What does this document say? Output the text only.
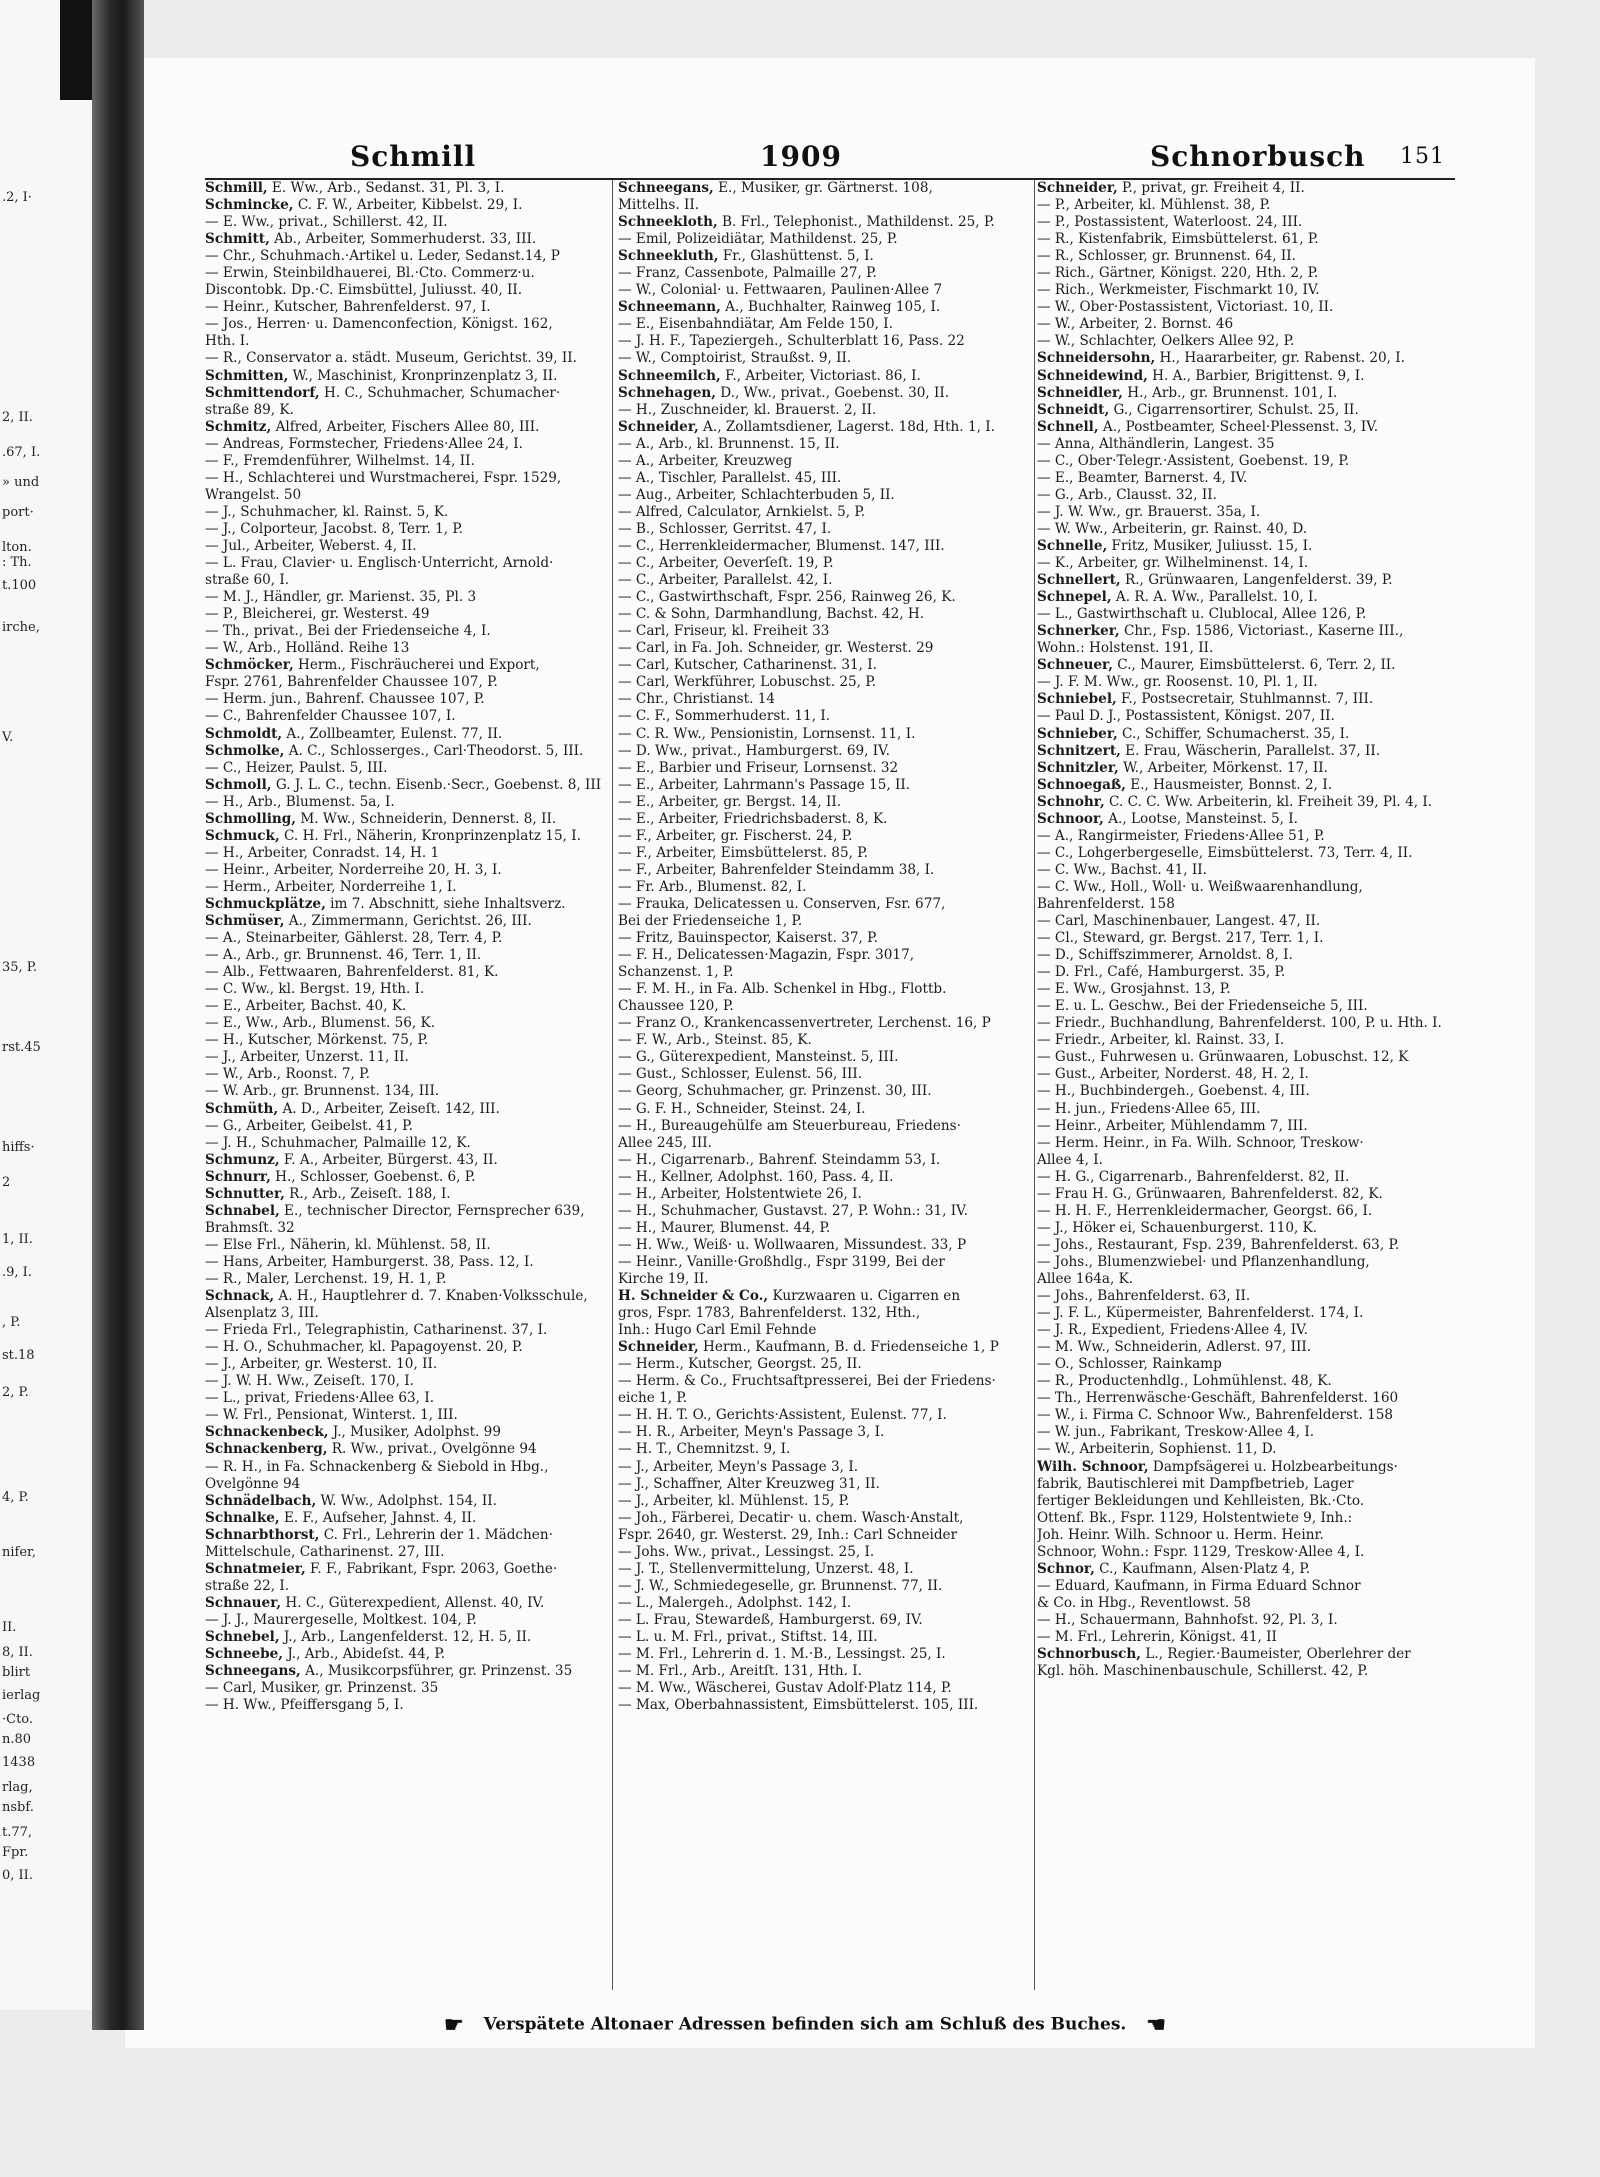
.2, I·
2, II.
.67, I.
» und
port·
lton.
: Th.
t.100
irche,
V.
35, P.
rst.45
hiffs·
2
1, II.
.9, I.
, P.
st.18
2, P.
4, P.
nifer,
II.
8, II.
blirt
ierlag
·Cto.
n.80
1438
rlag,
nsbf.
t.77,
Fpr.
0, II.
Schmill	1909	Schnorbusch 151
Schmill, E. Ww., Arb., Sedanst. 31, Pl. 3, I.
Schmincke, C. F. W., Arbeiter, Kibbelst. 29, I.
— E. Ww., privat., Schillerst. 42, II.
Schmitt, Ab., Arbeiter, Sommerhuderst. 33, III.
— Chr., Schuhmach.·Artikel u. Leder, Sedanst.14, P
— Erwin, Steinbildhauerei, Bl.·Cto. Commerz·u.
Discontobk. Dp.·C. Eimsbüttel, Juliusst. 40, II.
— Heinr., Kutscher, Bahrenfelderst. 97, I.
— Jos., Herren· u. Damenconfection, Königst. 162,
Hth. I.
— R., Conservator a. städt. Museum, Gerichtst. 39, II.
Schmitten, W., Maschinist, Kronprinzenplatz 3, II.
Schmittendorf, H. C., Schuhmacher, Schumacher·
straße 89, K.
Schmitz, Alfred, Arbeiter, Fischers Allee 80, III.
— Andreas, Formstecher, Friedens·Allee 24, I.
— F., Fremdenführer, Wilhelmst. 14, II.
— H., Schlachterei und Wurstmacherei, Fspr. 1529,
Wrangelst. 50
— J., Schuhmacher, kl. Rainst. 5, K.
— J., Colporteur, Jacobst. 8, Terr. 1, P.
— Jul., Arbeiter, Weberst. 4, II.
— L. Frau, Clavier· u. Englisch·Unterricht, Arnold·
straße 60, I.
— M. J., Händler, gr. Marienst. 35, Pl. 3
— P., Bleicherei, gr. Westerst. 49
— Th., privat., Bei der Friedenseiche 4, I.
— W., Arb., Holländ. Reihe 13
Schmöcker, Herm., Fischräucherei und Export,
Fspr. 2761, Bahrenfelder Chaussee 107, P.
— Herm. jun., Bahrenf. Chaussee 107, P.
— C., Bahrenfelder Chaussee 107, I.
Schmoldt, A., Zollbeamter, Eulenst. 77, II.
Schmolke, A. C., Schlosserges., Carl·Theodorst. 5, III.
— C., Heizer, Paulst. 5, III.
Schmoll, G. J. L. C., techn. Eisenb.·Secr., Goebenst. 8, III
— H., Arb., Blumenst. 5a, I.
Schmolling, M. Ww., Schneiderin, Dennerst. 8, II.
Schmuck, C. H. Frl., Näherin, Kronprinzenplatz 15, I.
— H., Arbeiter, Conradst. 14, H. 1
— Heinr., Arbeiter, Norderreihe 20, H. 3, I.
— Herm., Arbeiter, Norderreihe 1, I.
Schmuckplätze, im 7. Abschnitt, siehe Inhaltsverz.
Schmüser, A., Zimmermann, Gerichtst. 26, III.
— A., Steinarbeiter, Gählerst. 28, Terr. 4, P.
— A., Arb., gr. Brunnenst. 46, Terr. 1, II.
— Alb., Fettwaaren, Bahrenfelderst. 81, K.
— C. Ww., kl. Bergst. 19, Hth. I.
— E., Arbeiter, Bachst. 40, K.
— E., Ww., Arb., Blumenst. 56, K.
— H., Kutscher, Mörkenst. 75, P.
— J., Arbeiter, Unzerst. 11, II.
— W., Arb., Roonst. 7, P.
— W. Arb., gr. Brunnenst. 134, III.
Schmüth, A. D., Arbeiter, Zeiseſt. 142, III.
— G., Arbeiter, Geibelst. 41, P.
— J. H., Schuhmacher, Palmaille 12, K.
Schmunz, F. A., Arbeiter, Bürgerst. 43, II.
Schnurr, H., Schlosser, Goebenst. 6, P.
Schnutter, R., Arb., Zeiseſt. 188, I.
Schnabel, E., technischer Director, Fernsprecher 639,
Brahmsſt. 32
— Else Frl., Näherin, kl. Mühlenst. 58, II.
— Hans, Arbeiter, Hamburgerst. 38, Pass. 12, I.
— R., Maler, Lerchenst. 19, H. 1, P.
Schnack, A. H., Hauptlehrer d. 7. Knaben·Volksschule,
Alsenplatz 3, III.
— Frieda Frl., Telegraphistin, Catharinenst. 37, I.
— H. O., Schuhmacher, kl. Papagoyenst. 20, P.
— J., Arbeiter, gr. Westerst. 10, II.
— J. W. H. Ww., Zeiseſt. 170, I.
— L., privat, Friedens·Allee 63, I.
— W. Frl., Pensionat, Winterst. 1, III.
Schnackenbeck, J., Musiker, Adolphst. 99
Schnackenberg, R. Ww., privat., Ovelgönne 94
— R. H., in Fa. Schnackenberg & Siebold in Hbg.,
Ovelgönne 94
Schnädelbach, W. Ww., Adolphst. 154, II.
Schnalke, E. F., Aufseher, Jahnst. 4, II.
Schnarbthorst, C. Frl., Lehrerin der 1. Mädchen·
Mittelschule, Catharinenst. 27, III.
Schnatmeier, F. F., Fabrikant, Fspr. 2063, Goethe·
straße 22, I.
Schnauer, H. C., Güterexpedient, Allenst. 40, IV.
— J. J., Maurergeselle, Moltkest. 104, P.
Schnebel, J., Arb., Langenfelderst. 12, H. 5, II.
Schneebe, J., Arb., Abideſst. 44, P.
Schneegans, A., Musikcorpsführer, gr. Prinzenst. 35
— Carl, Musiker, gr. Prinzenst. 35
— H. Ww., Pfeiffersgang 5, I.
Schneegans, E., Musiker, gr. Gärtnerst. 108,
Mittelhs. II.
Schneekloth, B. Frl., Telephonist., Mathildenst. 25, P.
— Emil, Polizeidiätar, Mathildenst. 25, P.
Schneekluth, Fr., Glashüttenst. 5, I.
— Franz, Cassenbote, Palmaille 27, P.
— W., Colonial· u. Fettwaaren, Paulinen·Allee 7
Schneemann, A., Buchhalter, Rainweg 105, I.
— E., Eisenbahndiätar, Am Felde 150, I.
— J. H. F., Tapeziergeh., Schulterblatt 16, Pass. 22
— W., Comptoirist, Straußst. 9, II.
Schneemilch, F., Arbeiter, Victoriast. 86, I.
Schnehagen, D., Ww., privat., Goebenst. 30, II.
— H., Zuschneider, kl. Brauerst. 2, II.
Schneider, A., Zollamtsdiener, Lagerst. 18d, Hth. 1, I.
— A., Arb., kl. Brunnenst. 15, II.
— A., Arbeiter, Kreuzweg
— A., Tischler, Parallelst. 45, III.
— Aug., Arbeiter, Schlachterbuden 5, II.
— Alfred, Calculator, Arnkielst. 5, P.
— B., Schlosser, Gerritst. 47, I.
— C., Herrenkleidermacher, Blumenst. 147, III.
— C., Arbeiter, Oeverſeſt. 19, P.
— C., Arbeiter, Parallelst. 42, I.
— C., Gastwirthschaft, Fspr. 256, Rainweg 26, K.
— C. & Sohn, Darmhandlung, Bachst. 42, H.
— Carl, Friseur, kl. Freiheit 33
— Carl, in Fa. Joh. Schneider, gr. Westerst. 29
— Carl, Kutscher, Catharinenst. 31, I.
— Carl, Werkführer, Lobuschst. 25, P.
— Chr., Christianst. 14
— C. F., Sommerhuderst. 11, I.
— C. R. Ww., Pensionistin, Lornsenst. 11, I.
— D. Ww., privat., Hamburgerst. 69, IV.
— E., Barbier und Friseur, Lornsenst. 32
— E., Arbeiter, Lahrmann's Passage 15, II.
— E., Arbeiter, gr. Bergst. 14, II.
— E., Arbeiter, Friedrichsbaderst. 8, K.
— F., Arbeiter, gr. Fischerst. 24, P.
— F., Arbeiter, Eimsbüttelerst. 85, P.
— F., Arbeiter, Bahrenfelder Steindamm 38, I.
— Fr. Arb., Blumenst. 82, I.
— Frauka, Delicatessen u. Conserven, Fsr. 677,
Bei der Friedenseiche 1, P.
— Fritz, Bauinspector, Kaiserst. 37, P.
— F. H., Delicatessen·Magazin, Fspr. 3017,
Schanzenst. 1, P.
— F. M. H., in Fa. Alb. Schenkel in Hbg., Flottb.
Chaussee 120, P.
— Franz O., Krankencassenvertreter, Lerchenst. 16, P
— F. W., Arb., Steinst. 85, K.
— G., Güterexpedient, Mansteinst. 5, III.
— Gust., Schlosser, Eulenst. 56, III.
— Georg, Schuhmacher, gr. Prinzenst. 30, III.
— G. F. H., Schneider, Steinst. 24, I.
— H., Bureaugehülfe am Steuerbureau, Friedens·
Allee 245, III.
— H., Cigarrenarb., Bahrenf. Steindamm 53, I.
— H., Kellner, Adolphst. 160, Pass. 4, II.
— H., Arbeiter, Holstentwiete 26, I.
— H., Schuhmacher, Gustavst. 27, P. Wohn.: 31, IV.
— H., Maurer, Blumenst. 44, P.
— H. Ww., Weiß· u. Wollwaaren, Missundest. 33, P
— Heinr., Vanille·Großhdlg., Fspr 3199, Bei der
Kirche 19, II.
H. Schneider & Co., Kurzwaaren u. Cigarren en
gros, Fspr. 1783, Bahrenfelderst. 132, Hth.,
Inh.: Hugo Carl Emil Fehnde
Schneider, Herm., Kaufmann, B. d. Friedenseiche 1, P
— Herm., Kutscher, Georgst. 25, II.
— Herm. & Co., Fruchtsaftpresserei, Bei der Friedens·
eiche 1, P.
— H. H. T. O., Gerichts·Assistent, Eulenst. 77, I.
— H. R., Arbeiter, Meyn's Passage 3, I.
— H. T., Chemnitzst. 9, I.
— J., Arbeiter, Meyn's Passage 3, I.
— J., Schaffner, Alter Kreuzweg 31, II.
— J., Arbeiter, kl. Mühlenst. 15, P.
— Joh., Färberei, Decatir· u. chem. Wasch·Anstalt,
Fspr. 2640, gr. Westerst. 29, Inh.: Carl Schneider
— Johs. Ww., privat., Lessingst. 25, I.
— J. T., Stellenvermittelung, Unzerst. 48, I.
— J. W., Schmiedegeselle, gr. Brunnenst. 77, II.
— L., Malergeh., Adolphst. 142, I.
— L. Frau, Stewardeß, Hamburgerst. 69, IV.
— L. u. M. Frl., privat., Stiftst. 14, III.
— M. Frl., Lehrerin d. 1. M.·B., Lessingst. 25, I.
— M. Frl., Arb., Areitſt. 131, Hth. I.
— M. Ww., Wäscherei, Gustav Adolf·Platz 114, P.
— Max, Oberbahnassistent, Eimsbüttelerst. 105, III.
Schneider, P., privat, gr. Freiheit 4, II.
— P., Arbeiter, kl. Mühlenst. 38, P.
— P., Postassistent, Waterloost. 24, III.
— R., Kistenfabrik, Eimsbüttelerst. 61, P.
— R., Schlosser, gr. Brunnenst. 64, II.
— Rich., Gärtner, Königst. 220, Hth. 2, P.
— Rich., Werkmeister, Fischmarkt 10, IV.
— W., Ober·Postassistent, Victoriast. 10, II.
— W., Arbeiter, 2. Bornst. 46
— W., Schlachter, Oelkers Allee 92, P.
Schneidersohn, H., Haararbeiter, gr. Rabenst. 20, I.
Schneidewind, H. A., Barbier, Brigittenst. 9, I.
Schneidler, H., Arb., gr. Brunnenst. 101, I.
Schneidt, G., Cigarrensortirer, Schulst. 25, II.
Schnell, A., Postbeamter, Scheel·Plessenst. 3, IV.
— Anna, Althändlerin, Langest. 35
— C., Ober·Telegr.·Assistent, Goebenst. 19, P.
— E., Beamter, Barnerst. 4, IV.
— G., Arb., Clausst. 32, II.
— J. W. Ww., gr. Brauerst. 35a, I.
— W. Ww., Arbeiterin, gr. Rainst. 40, D.
Schnelle, Fritz, Musiker, Juliusst. 15, I.
— K., Arbeiter, gr. Wilhelminenst. 14, I.
Schnellert, R., Grünwaaren, Langenfelderst. 39, P.
Schnepel, A. R. A. Ww., Parallelst. 10, I.
— L., Gastwirthschaft u. Clublocal, Allee 126, P.
Schnerker, Chr., Fsp. 1586, Victoriast., Kaserne III.,
Wohn.: Holstenst. 191, II.
Schneuer, C., Maurer, Eimsbüttelerst. 6, Terr. 2, II.
— J. F. M. Ww., gr. Roosenst. 10, Pl. 1, II.
Schniebel, F., Postsecretair, Stuhlmannst. 7, III.
— Paul D. J., Postassistent, Königst. 207, II.
Schnieber, C., Schiffer, Schumacherst. 35, I.
Schnitzert, E. Frau, Wäscherin, Parallelst. 37, II.
Schnitzler, W., Arbeiter, Mörkenst. 17, II.
Schnoegaß, E., Hausmeister, Bonnst. 2, I.
Schnohr, C. C. C. Ww. Arbeiterin, kl. Freiheit 39, Pl. 4, I.
Schnoor, A., Lootse, Mansteinst. 5, I.
— A., Rangirmeister, Friedens·Allee 51, P.
— C., Lohgerbergeselle, Eimsbüttelerst. 73, Terr. 4, II.
— C. Ww., Bachst. 41, II.
— C. Ww., Holl., Woll· u. Weißwaarenhandlung,
Bahrenfelderst. 158
— Carl, Maschinenbauer, Langest. 47, II.
— Cl., Steward, gr. Bergst. 217, Terr. 1, I.
— D., Schiffszimmerer, Arnoldst. 8, I.
— D. Frl., Café, Hamburgerst. 35, P.
— E. Ww., Grosjahnst. 13, P.
— E. u. L. Geschw., Bei der Friedenseiche 5, III.
— Friedr., Buchhandlung, Bahrenfelderst. 100, P. u. Hth. I.
— Friedr., Arbeiter, kl. Rainst. 33, I.
— Gust., Fuhrwesen u. Grünwaaren, Lobuschst. 12, K
— Gust., Arbeiter, Norderst. 48, H. 2, I.
— H., Buchbindergeh., Goebenst. 4, III.
— H. jun., Friedens·Allee 65, III.
— Heinr., Arbeiter, Mühlendamm 7, III.
— Herm. Heinr., in Fa. Wilh. Schnoor, Treskow·
Allee 4, I.
— H. G., Cigarrenarb., Bahrenfelderst. 82, II.
— Frau H. G., Grünwaaren, Bahrenfelderst. 82, K.
— H. H. F., Herrenkleidermacher, Georgst. 66, I.
— J., Höker ei, Schauenburgerst. 110, K.
— Johs., Restaurant, Fsp. 239, Bahrenfelderst. 63, P.
— Johs., Blumenzwiebel· und Pflanzenhandlung,
Allee 164a, K.
— Johs., Bahrenfelderst. 63, II.
— J. F. L., Küpermeister, Bahrenfelderst. 174, I.
— J. R., Expedient, Friedens·Allee 4, IV.
— M. Ww., Schneiderin, Adlerst. 97, III.
— O., Schlosser, Rainkamp
— R., Productenhdlg., Lohmühlenst. 48, K.
— Th., Herrenwäsche·Geschäft, Bahrenfelderst. 160
— W., i. Firma C. Schnoor Ww., Bahrenfelderst. 158
— W. jun., Fabrikant, Treskow·Allee 4, I.
— W., Arbeiterin, Sophienst. 11, D.
Wilh. Schnoor, Dampfsägerei u. Holzbearbeitungs·
fabrik, Bautischlerei mit Dampfbetrieb, Lager
fertiger Bekleidungen und Kehlleisten, Bk.·Cto.
Ottenf. Bk., Fspr. 1129, Holstentwiete 9, Inh.:
Joh. Heinr. Wilh. Schnoor u. Herm. Heinr.
Schnoor, Wohn.: Fspr. 1129, Treskow·Allee 4, I.
Schnor, C., Kaufmann, Alsen·Platz 4, P.
— Eduard, Kaufmann, in Firma Eduard Schnor
& Co. in Hbg., Reventlowst. 58
— H., Schauermann, Bahnhofst. 92, Pl. 3, I.
— M. Frl., Lehrerin, Königst. 41, II
Schnorbusch, L., Regier.·Baumeister, Oberlehrer der
Kgl. höh. Maschinenbauschule, Schillerst. 42, P.
☛ Verspätete Altonaer Adressen befinden sich am Schluß des Buches. ☚
